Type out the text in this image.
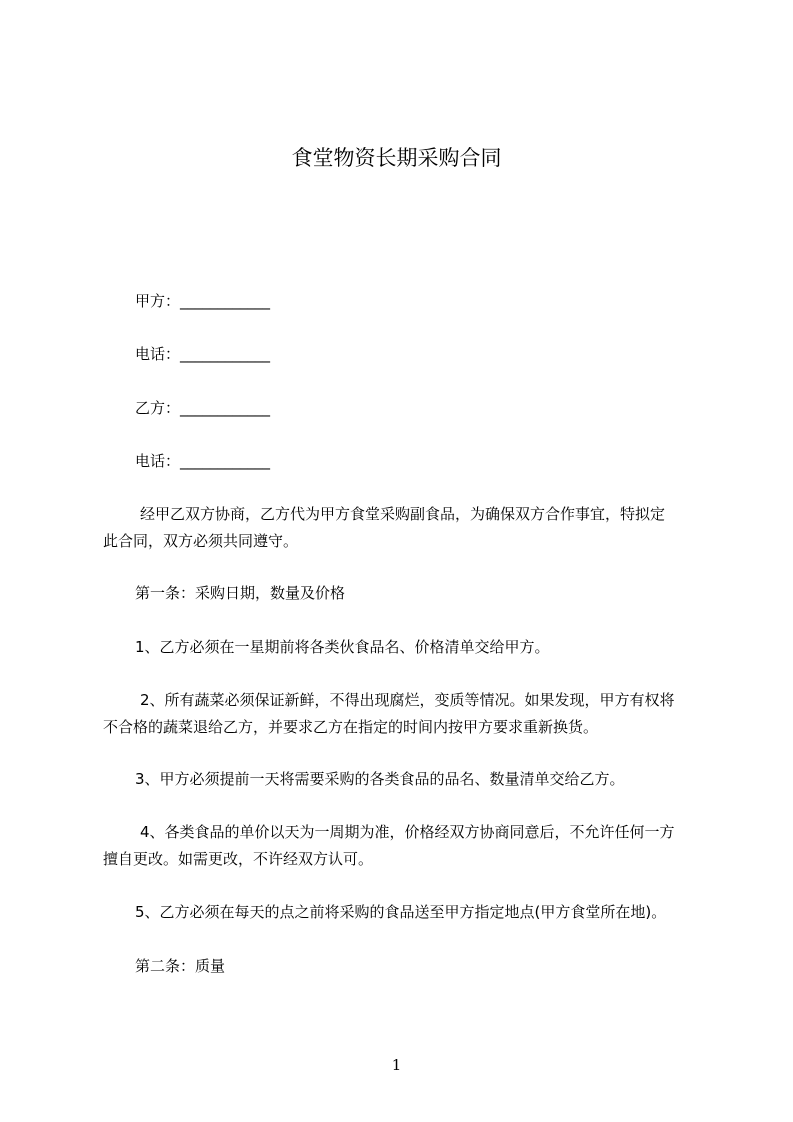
食堂物资长期采购合同
甲方：____________
电话：____________
乙方：____________
电话：____________

经甲乙双方协商，乙方代为甲方食堂采购副食品，为确保双方合作事宜，特拟定
此合同，双方必须共同遵守。

第一条：采购日期，数量及价格

1、乙方必须在一星期前将各类伙食品名、价格清单交给甲方。

2、所有蔬菜必须保证新鲜，不得出现腐烂，变质等情况。如果发现，甲方有权将
不合格的蔬菜退给乙方，并要求乙方在指定的时间内按甲方要求重新换货。

3、甲方必须提前一天将需要采购的各类食品的品名、数量清单交给乙方。

4、各类食品的单价以天为一周期为准，价格经双方协商同意后，不允许任何一方
擅自更改。如需更改，不许经双方认可。

5、乙方必须在每天的点之前将采购的食品送至甲方指定地点(甲方食堂所在地)。

第二条：质量

1
